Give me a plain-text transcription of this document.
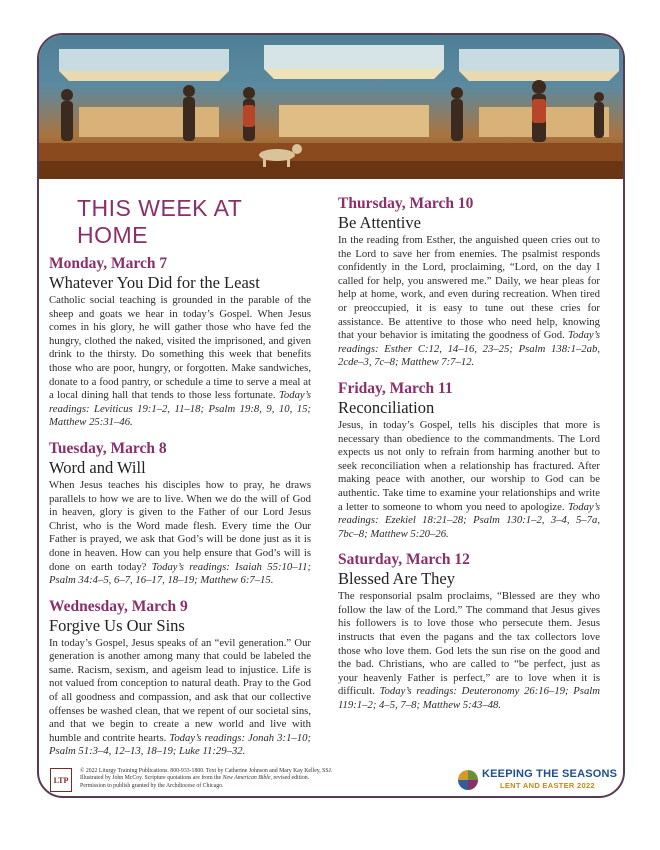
THIS WEEK AT HOME

Monday, March 7

Whatever You Did for the Least

Catholic social teaching is grounded in the parable of the sheep and goats we hear in today’s Gospel. When Jesus comes in his glory, he will gather those who have fed the hungry, clothed the naked, visited the imprisoned, and given drink to the thirsty. Do something this week that benefits those who are poor, hungry, or forgotten. Make sandwiches, donate to a food pantry, or schedule a time to serve a meal at a local dining hall that tends to those less fortunate. Today’s readings: Leviticus 19:1–2, 11–18; Psalm 19:8, 9, 10, 15; Matthew 25:31–46.

Tuesday, March 8

Word and Will

When Jesus teaches his disciples how to pray, he draws parallels to how we are to live. When we do the will of God in heaven, glory is given to the Father of our Lord Jesus Christ, who is the Word made flesh. Every time the Our Father is prayed, we ask that God’s will be done just as it is done in heaven. How can you help ensure that God’s will is done on earth today? Today’s readings: Isaiah 55:10–11; Psalm 34:4–5, 6–7, 16–17, 18–19; Matthew 6:7–15.

Wednesday, March 9

Forgive Us Our Sins

In today’s Gospel, Jesus speaks of an “evil generation.” Our generation is another among many that could be labeled the same. Racism, sexism, and ageism lead to injustice. Life is not valued from conception to natural death. Pray to the God of all goodness and compassion, and ask that our collective offenses be washed clean, that we repent of our societal sins, and that we begin to create a new world and live with humble and contrite hearts. Today’s readings: Jonah 3:1–10; Psalm 51:3–4, 12–13, 18–19; Luke 11:29–32.

Thursday, March 10

Be Attentive

In the reading from Esther, the anguished queen cries out to the Lord to save her from enemies. The psalmist responds confidently in the Lord, proclaiming, “Lord, on the day I called for help, you answered me.” Daily, we hear pleas for help at home, work, and even during recreation. When tired or preoccupied, it is easy to tune out these cries for assistance. Be attentive to those who need help, knowing that your behavior is imitating the goodness of God. Today’s readings: Esther C:12, 14–16, 23–25; Psalm 138:1–2ab, 2cde–3, 7c–8; Matthew 7:7–12.

Friday, March 11

Reconciliation

Jesus, in today’s Gospel, tells his disciples that more is necessary than obedience to the commandments. The Lord expects us not only to refrain from harming another but to seek reconciliation when a relationship has fractured. After making peace with another, our worship to God can be authentic. Take time to examine your relationships and write a letter to someone to whom you need to apologize. Today’s readings: Ezekiel 18:21–28; Psalm 130:1–2, 3–4, 5–7a, 7bc–8; Matthew 5:20–26.

Saturday, March 12

Blessed Are They

The responsorial psalm proclaims, “Blessed are they who follow the law of the Lord.” The command that Jesus gives his followers is to love those who persecute them. Jesus instructs that even the pagans and the tax collectors love those who love them. God lets the sun rise on the good and the bad. Christians, who are called to “be perfect, just as your heavenly Father is perfect,” are to love when it is difficult. Today’s readings: Deuteronomy 26:16–19; Psalm 119:1–2; 4–5, 7–8; Matthew 5:43–48.

LTP
© 2022 Liturgy Training Publications. 800-933-1800. Text by Catherine Johnson and Mary Kay Kelley, SSJ.
Illustrated by John McCoy. Scripture quotations are from the New American Bible, revised edition.
Permission to publish granted by the Archdiocese of Chicago.
KEEPING THE SEASONS
LENT AND EASTER 2022
